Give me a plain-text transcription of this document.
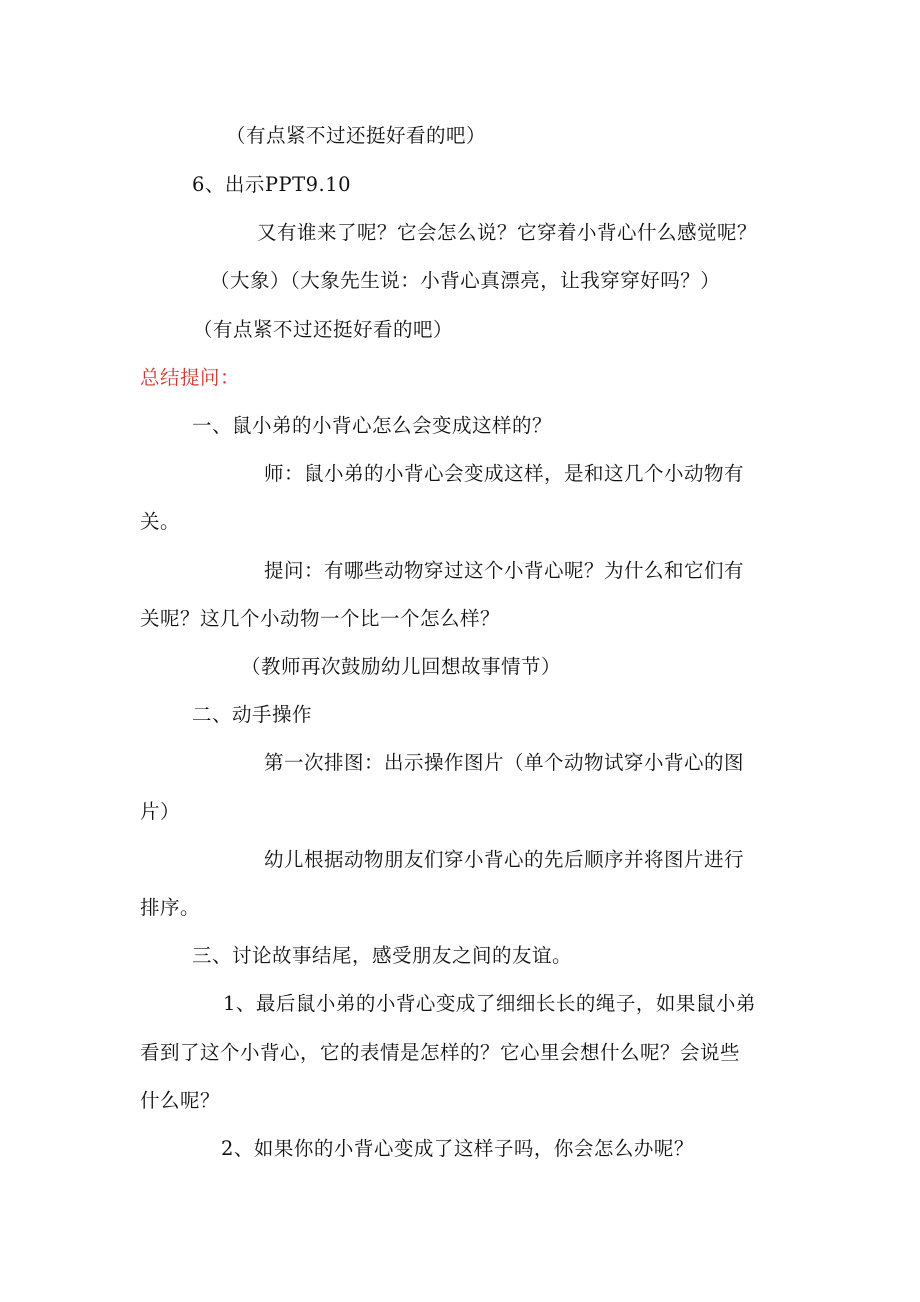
（有点紧不过还挺好看的吧）
6、出示PPT9.10
又有谁来了呢？它会怎么说？它穿着小背心什么感觉呢？
（大象）（大象先生说：小背心真漂亮，让我穿穿好吗？）
（有点紧不过还挺好看的吧）
总结提问：
一、鼠小弟的小背心怎么会变成这样的？
师：鼠小弟的小背心会变成这样，是和这几个小动物有
关。
提问：有哪些动物穿过这个小背心呢？为什么和它们有
关呢？这几个小动物一个比一个怎么样？
（教师再次鼓励幼儿回想故事情节）
二、动手操作
第一次排图：出示操作图片（单个动物试穿小背心的图
片）
幼儿根据动物朋友们穿小背心的先后顺序并将图片进行
排序。
三、讨论故事结尾，感受朋友之间的友谊。
1、最后鼠小弟的小背心变成了细细长长的绳子，如果鼠小弟
看到了这个小背心，它的表情是怎样的？它心里会想什么呢？会说些
什么呢？
2、如果你的小背心变成了这样子吗，你会怎么办呢？
